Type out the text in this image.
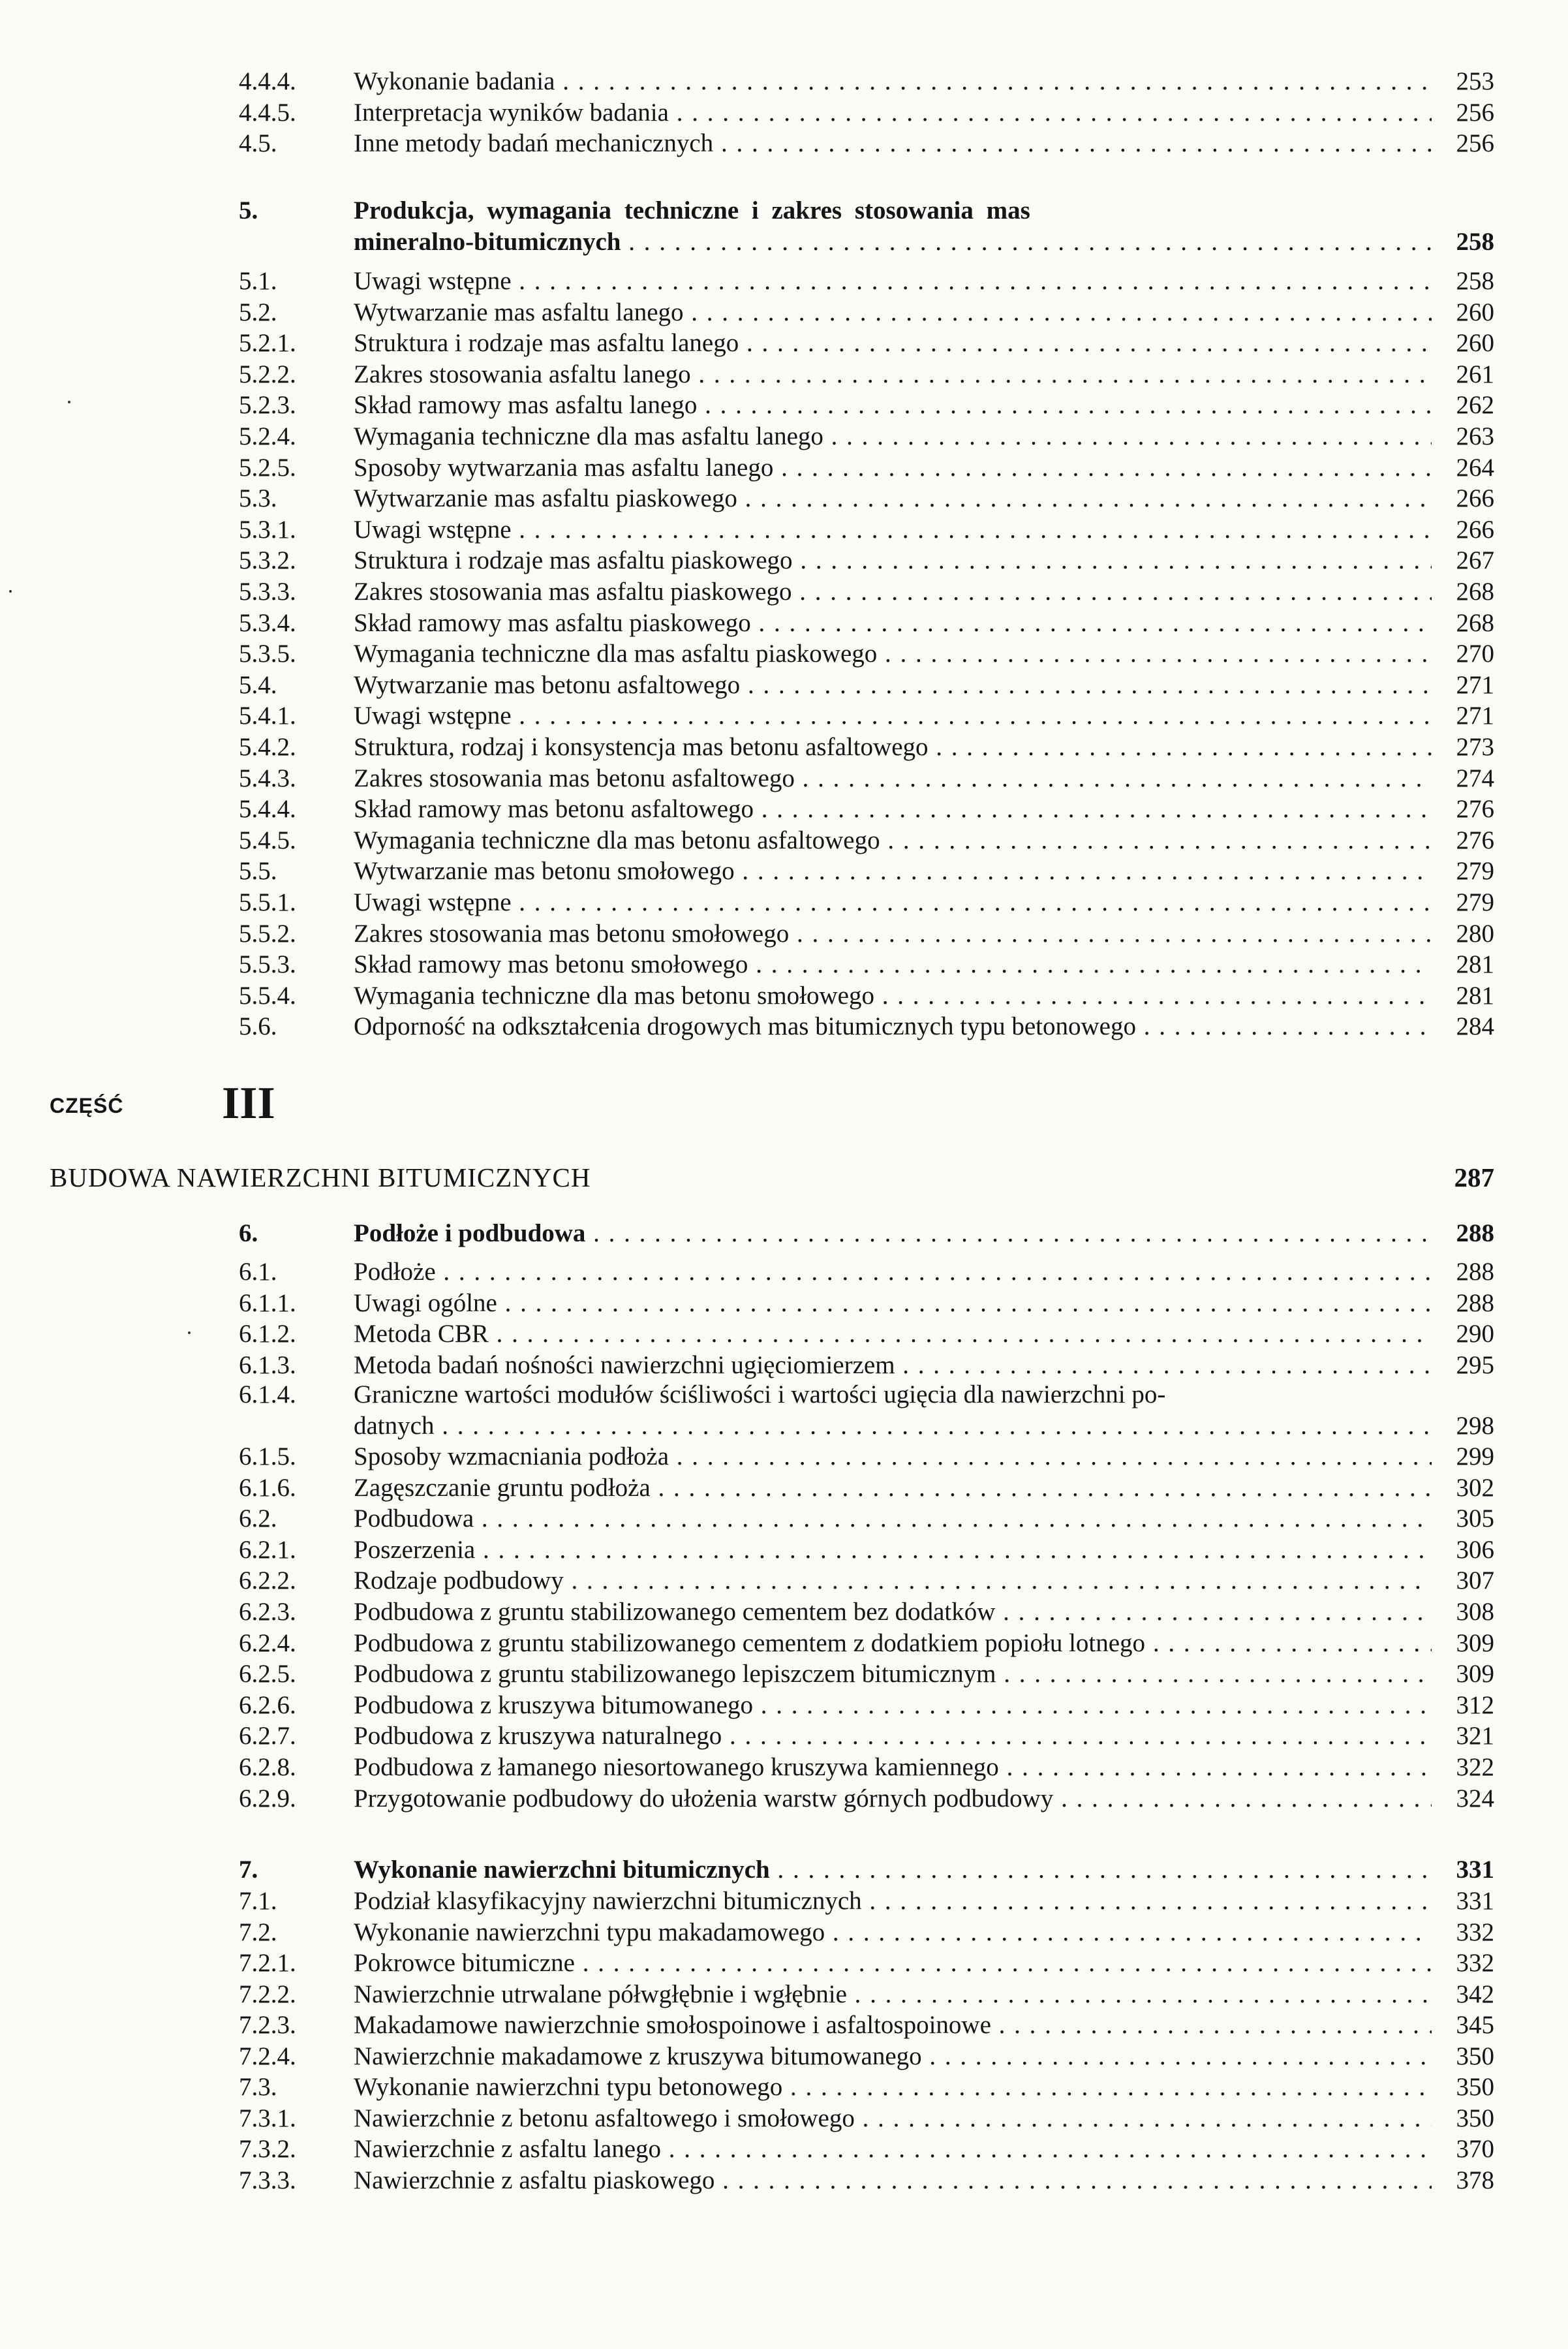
4.4.4. Wykonanie badania . . .	253
4.4.5. Interpretacja wyników badania . . .	256
4.5.	Inne metody badań mechanicznych . . .	256
5.	Produkcja, wymagania techniczne i zakres stosowania mas
mineralno-bitumicznych . . .	258
5.1.	Uwagi wstępne . . .	258
5.2.	Wytwarzanie mas asfaltu lanego . . .	260
5.2.1. Struktura i rodzaje mas asfaltu lanego . . .	260
5.2.2. Zakres stosowania asfaltu lanego . . .	261
5.2.3. Skład ramowy mas asfaltu lanego . . .	262
5.2.4. Wymagania techniczne dla mas asfaltu lanego . . .	263
5.2.5. Sposoby wytwarzania mas asfaltu lanego . . .	264
5.3.	Wytwarzanie mas asfaltu piaskowego . . .	266
5.3.1. Uwagi wstępne . . .	266
5.3.2. Struktura i rodzaje mas asfaltu piaskowego . . .	267
5.3.3. Zakres stosowania mas asfaltu piaskowego . . .	268
5.3.4. Skład ramowy mas asfaltu piaskowego . . .	268
5.3.5. Wymagania techniczne dla mas asfaltu piaskowego . . .	270
5.4.	Wytwarzanie mas betonu asfaltowego . . .	271
5.4.1. Uwagi wstępne . . .	271
5.4.2. Struktura, rodzaj i konsystencja mas betonu asfaltowego . . .	273
5.4.3. Zakres stosowania mas betonu asfaltowego . . .	274
5.4.4. Skład ramowy mas betonu asfaltowego . . .	276
5.4.5. Wymagania techniczne dla mas betonu asfaltowego . . .	276
5.5.	Wytwarzanie mas betonu smołowego . . .	279
5.5.1. Uwagi wstępne . . .	279
5.5.2. Zakres stosowania mas betonu smołowego . . .	280
5.5.3. Skład ramowy mas betonu smołowego . . .	281
5.5.4. Wymagania techniczne dla mas betonu smołowego . . .	281
5.6.	Odporność na odkształcenia drogowych mas bitumicznych typu betonowego . . .	284
CZĘŚĆ III
BUDOWA NAWIERZCHNI BITUMICZNYCH	287
6.	Podłoże i podbudowa . . .	288
6.1.	Podłoże . . .	288
6.1.1. Uwagi ogólne . . .	288
6.1.2. Metoda CBR . . .	290
6.1.3. Metoda badań nośności nawierzchni ugięciomierzem . . .	295
6.1.4. Graniczne wartości modułów ściśliwości i wartości ugięcia dla nawierzchni po-
datnych . . .	298
6.1.5. Sposoby wzmacniania podłoża . . .	299
6.1.6. Zagęszczanie gruntu podłoża . . .	302
6.2.	Podbudowa . . .	305
6.2.1. Poszerzenia . . .	306
6.2.2. Rodzaje podbudowy . . .	307
6.2.3. Podbudowa z gruntu stabilizowanego cementem bez dodatków . . .	308
6.2.4. Podbudowa z gruntu stabilizowanego cementem z dodatkiem popiołu lotnego . . .	309
6.2.5. Podbudowa z gruntu stabilizowanego lepiszczem bitumicznym . . .	309
6.2.6. Podbudowa z kruszywa bitumowanego . . .	312
6.2.7. Podbudowa z kruszywa naturalnego . . .	321
6.2.8. Podbudowa z łamanego niesortowanego kruszywa kamiennego . . .	322
6.2.9. Przygotowanie podbudowy do ułożenia warstw górnych podbudowy . . .	324
7.	Wykonanie nawierzchni bitumicznych . . .	331
7.1.	Podział klasyfikacyjny nawierzchni bitumicznych . . .	331
7.2.	Wykonanie nawierzchni typu makadamowego . . .	332
7.2.1. Pokrowce bitumiczne . . .	332
7.2.2. Nawierzchnie utrwalane półwgłębnie i wgłębnie . . .	342
7.2.3. Makadamowe nawierzchnie smołospoinowe i asfaltospoinowe . . .	345
7.2.4. Nawierzchnie makadamowe z kruszywa bitumowanego . . .	350
7.3.	Wykonanie nawierzchni typu betonowego . . .	350
7.3.1. Nawierzchnie z betonu asfaltowego i smołowego . . .	350
7.3.2. Nawierzchnie z asfaltu lanego . . .	370
7.3.3. Nawierzchnie z asfaltu piaskowego . . .	378
